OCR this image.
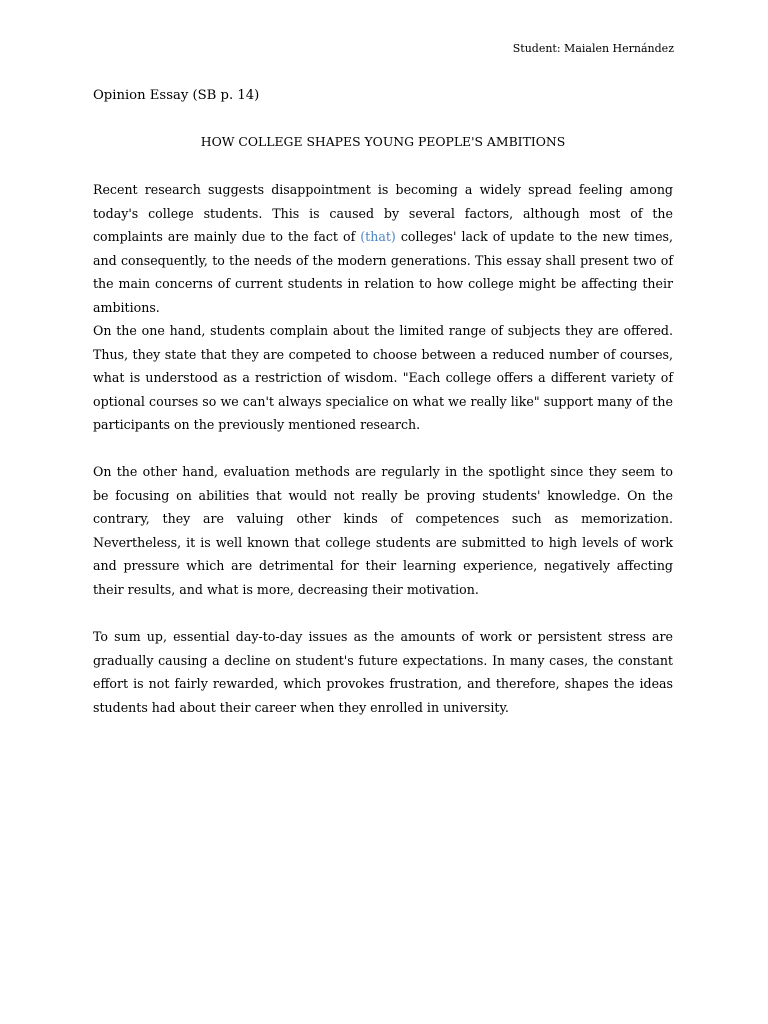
Student: Maialen Hernández
Opinion Essay (SB p. 14)
HOW COLLEGE SHAPES YOUNG PEOPLE'S AMBITIONS

Recent research suggests disappointment is becoming a widely spread feeling among today's college students. This is caused by several factors, although most of the complaints are mainly due to the fact of (that) colleges' lack of update to the new times, and consequently, to the needs of the modern generations. This essay shall present two of the main concerns of current students in relation to how college might be affecting their ambitions.

On the one hand, students complain about the limited range of subjects they are offered. Thus, they state that they are competed to choose between a reduced number of courses, what is understood as a restriction of wisdom. "Each college offers a different variety of optional courses so we can't always specialice on what we really like" support many of the participants on the previously mentioned research.

On the other hand, evaluation methods are regularly in the spotlight since they seem to be focusing on abilities that would not really be proving students' knowledge. On the contrary, they are valuing other kinds of competences such as memorization. Nevertheless, it is well known that college students are submitted to high levels of work and pressure which are detrimental for their learning experience, negatively affecting their results, and what is more, decreasing their motivation.

To sum up, essential day-to-day issues as the amounts of work or persistent stress are gradually causing a decline on student's future expectations. In many cases, the constant effort is not fairly rewarded, which provokes frustration, and therefore, shapes the ideas students had about their career when they enrolled in university.
